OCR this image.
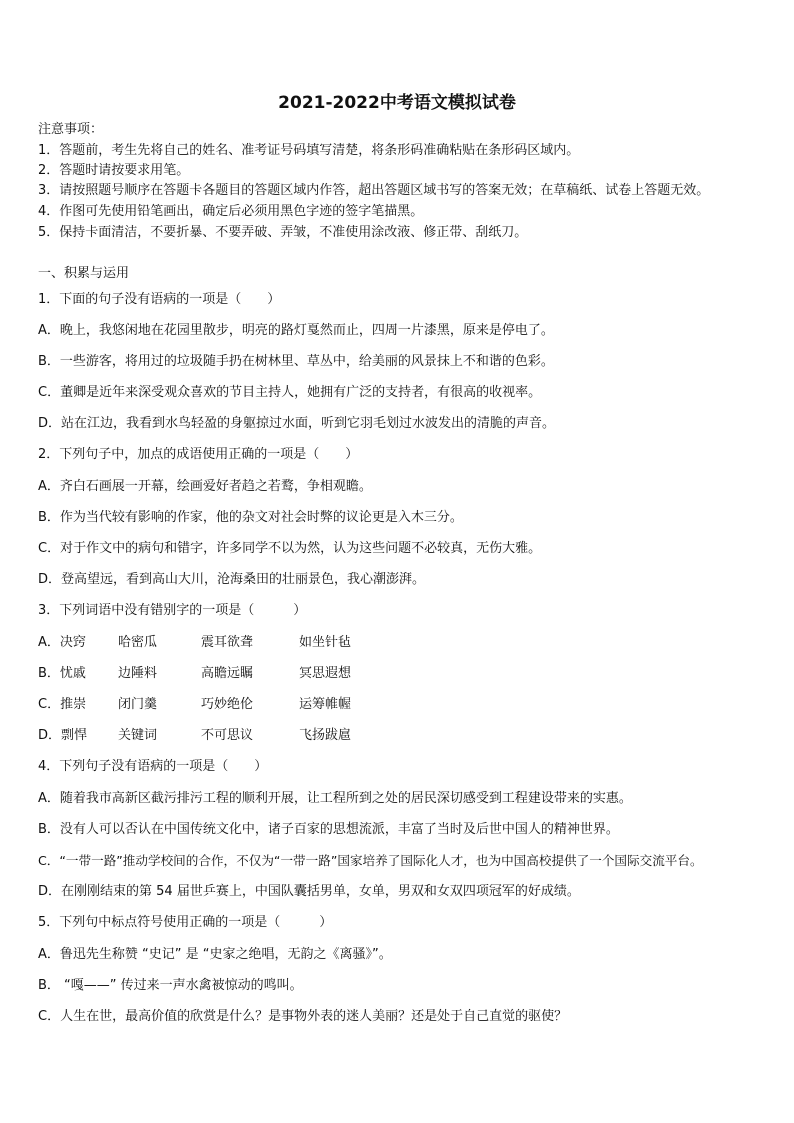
2021-2022中考语文模拟试卷
注意事项：
1．答题前，考生先将自己的姓名、准考证号码填写清楚，将条形码准确粘贴在条形码区域内。
2．答题时请按要求用笔。
3．请按照题号顺序在答题卡各题目的答题区域内作答，超出答题区域书写的答案无效；在草稿纸、试卷上答题无效。
4．作图可先使用铅笔画出，确定后必须用黑色字迹的签字笔描黑。
5．保持卡面清洁，不要折暴、不要弄破、弄皱，不准使用涂改液、修正带、刮纸刀。
一、积累与运用
1．下面的句子没有语病的一项是（　　）
A．晚上，我悠闲地在花园里散步，明亮的路灯戛然而止，四周一片漆黑，原来是停电了。
B．一些游客，将用过的垃圾随手扔在树林里、草丛中，给美丽的风景抹上不和谐的色彩。
C．董卿是近年来深受观众喜欢的节目主持人，她拥有广泛的支持者，有很高的收视率。
D．站在江边，我看到水鸟轻盈的身躯掠过水面，听到它羽毛划过水波发出的清脆的声音。
2．下列句子中，加点的成语使用正确的一项是（　　）
A．齐白石画展一开幕，绘画爱好者趋之若鹜，争相观瞻。
B．作为当代较有影响的作家，他的杂文对社会时弊的议论更是入木三分。
C．对于作文中的病句和错字，许多同学不以为然，认为这些问题不必较真，无伤大雅。
D．登高望远，看到高山大川，沧海桑田的壮丽景色，我心潮澎湃。
3．下列词语中没有错别字的一项是（　　　）
A．决窍 哈密瓜	震耳欲聋	如坐针毡
B．忧戚 边陲料	高瞻远瞩	冥思遐想
C．推崇 闭门羹	巧妙绝伦	运筹帷幄
D．剽悍 关键词	不可思议	飞扬跋扈
4．下列句子没有语病的一项是（　　）
A．随着我市高新区截污排污工程的顺利开展，让工程所到之处的居民深切感受到工程建设带来的实惠。
B．没有人可以否认在中国传统文化中，诸子百家的思想流派，丰富了当时及后世中国人的精神世界。
C．“一带一路”推动学校间的合作，不仅为“一带一路”国家培养了国际化人才，也为中国高校提供了一个国际交流平台。
D．在刚刚结束的第 54 届世乒赛上，中国队囊括男单，女单，男双和女双四项冠军的好成绩。
5．下列句中标点符号使用正确的一项是（　　　）
A．鲁迅先生称赞 “史记” 是 “史家之绝唱，无韵之《离骚》”。
B． “嘎——” 传过来一声水禽被惊动的鸣叫。
C．人生在世，最高价值的欣赏是什么？是事物外表的迷人美丽？还是处于自己直觉的驱使？
